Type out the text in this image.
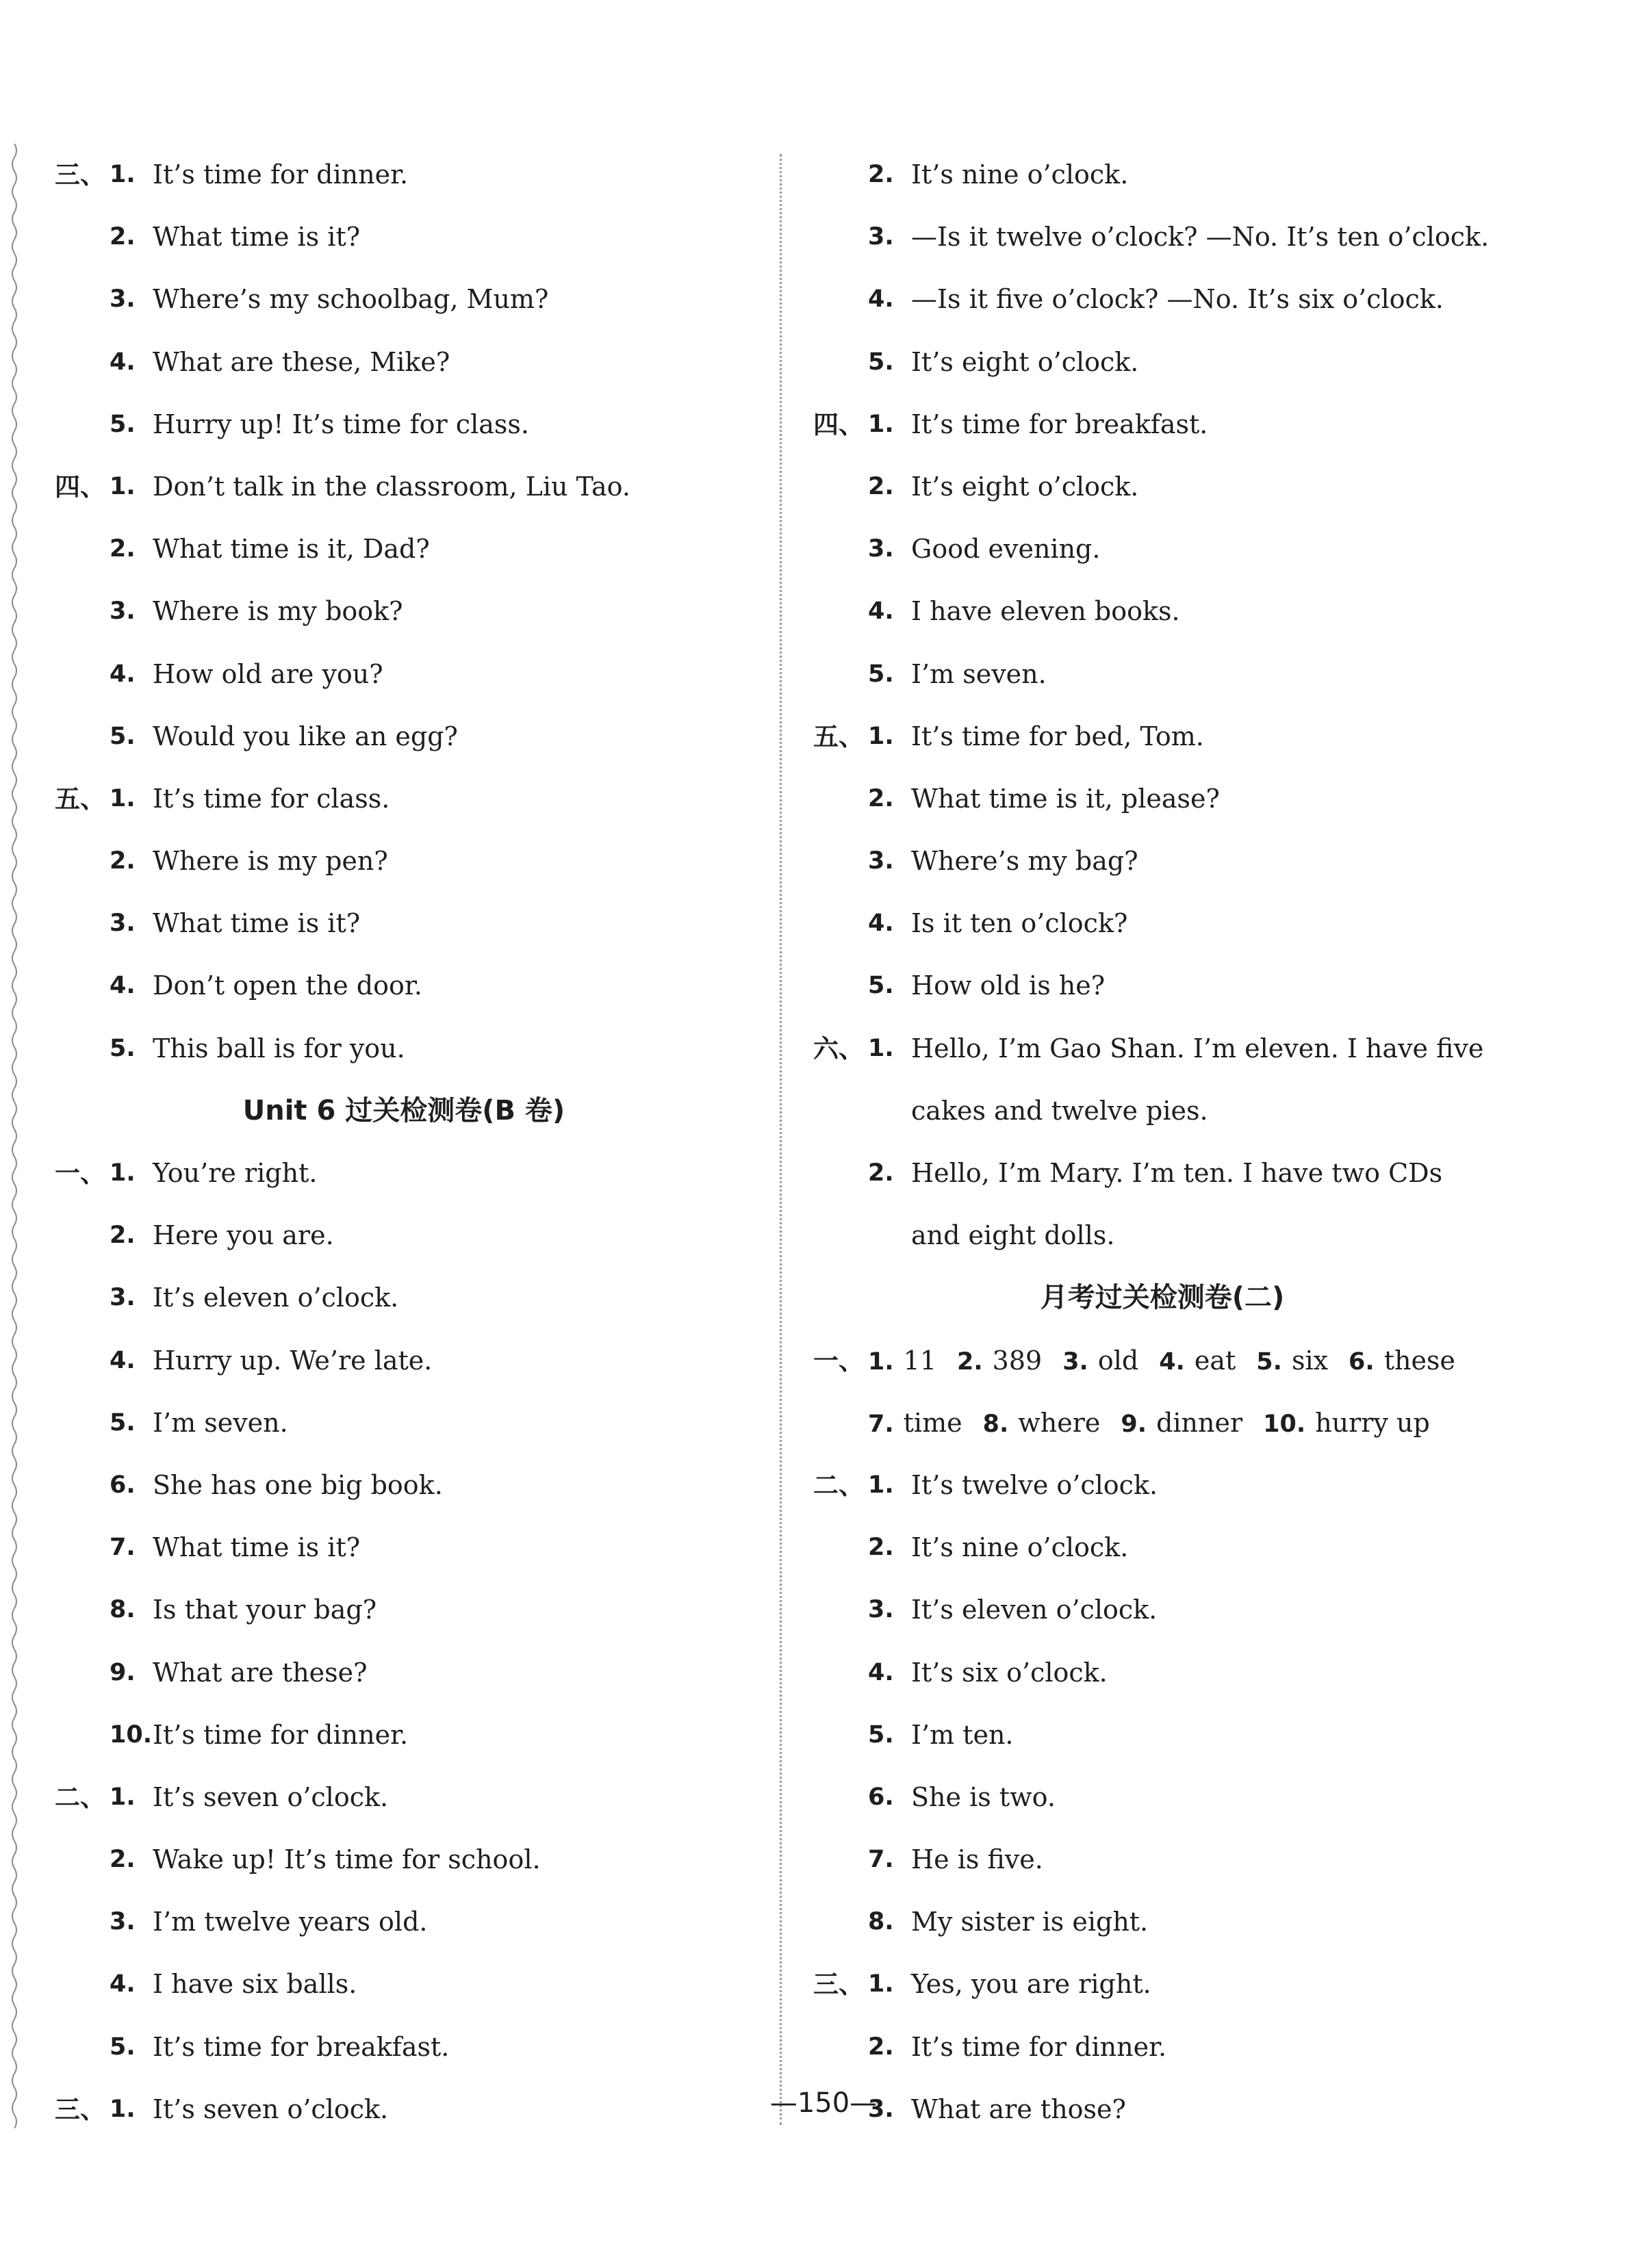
三、 1. It’s time for dinner.
2. What time is it?
3. Where’s my schoolbag, Mum?
4. What are these, Mike?
5. Hurry up! It’s time for class.
四、 1. Don’t talk in the classroom, Liu Tao.
2. What time is it, Dad?
3. Where is my book?
4. How old are you?
5. Would you like an egg?
五、 1. It’s time for class.
2. Where is my pen?
3. What time is it?
4. Don’t open the door.
5. This ball is for you.
Unit 6 过关检测卷(B 卷)
一、 1. You’re right.
2. Here you are.
3. It’s eleven o’clock.
4. Hurry up. We’re late.
5. I’m seven.
6. She has one big book.
7. What time is it?
8. Is that your bag?
9. What are these?
10. It’s time for dinner.
二、 1. It’s seven o’clock.
2. Wake up! It’s time for school.
3. I’m twelve years old.
4. I have six balls.
5. It’s time for breakfast.
三、 1. It’s seven o’clock.
2. It’s nine o’clock.
3. —Is it twelve o’clock? —No. It’s ten o’clock.
4. —Is it five o’clock? —No. It’s six o’clock.
5. It’s eight o’clock.
四、 1. It’s time for breakfast.
2. It’s eight o’clock.
3. Good evening.
4. I have eleven books.
5. I’m seven.
五、 1. It’s time for bed, Tom.
2. What time is it, please?
3. Where’s my bag?
4. Is it ten o’clock?
5. How old is he?
六、 1. Hello, I’m Gao Shan. I’m eleven. I have five
cakes and twelve pies.
2. Hello, I’m Mary. I’m ten. I have two CDs
and eight dolls.
月考过关检测卷(二)
一、 1. 11 2. 389 3. old 4. eat 5. six 6. these
7. time 8. where 9. dinner 10. hurry up
二、 1. It’s twelve o’clock.
2. It’s nine o’clock.
3. It’s eleven o’clock.
4. It’s six o’clock.
5. I’m ten.
6. She is two.
7. He is five.
8. My sister is eight.
三、 1. Yes, you are right.
2. It’s time for dinner.
3. What are those?
—150—
